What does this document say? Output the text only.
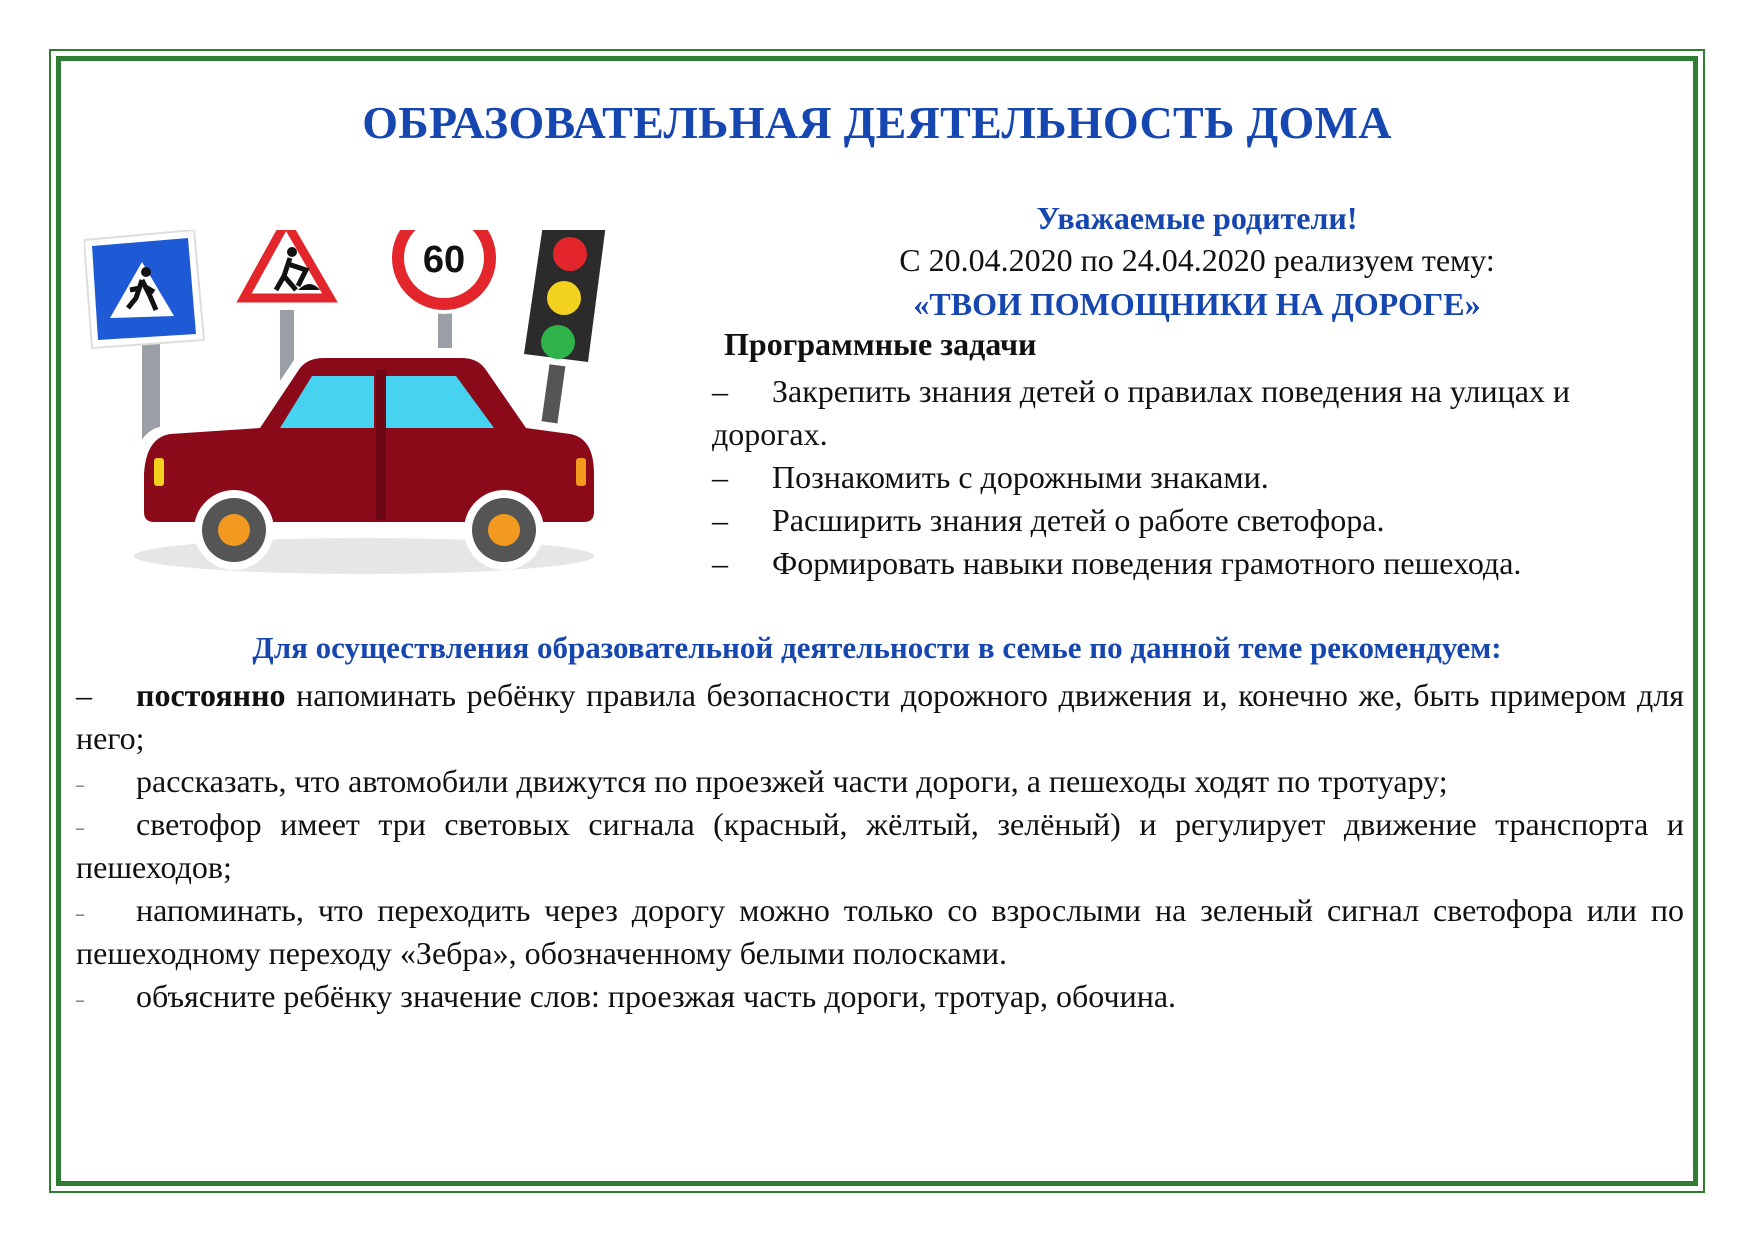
ОБРАЗОВАТЕЛЬНАЯ ДЕЯТЕЛЬНОСТЬ ДОМА
60
Уважаемые родители!
С 20.04.2020 по 24.04.2020 реализуем тему:
«ТВОИ ПОМОЩНИКИ НА ДОРОГЕ»
Программные задачи
– Закрепить знания детей о правилах поведения на улицах и дорогах.
– Познакомить с дорожными знаками.
– Расширить знания детей о работе светофора.
– Формировать навыки поведения грамотного пешехода.
Для осуществления образовательной деятельности в семье по данной теме рекомендуем:
– постоянно напоминать ребёнку правила безопасности дорожного движения и, конечно же, быть примером для него;
– рассказать, что автомобили движутся по проезжей части дороги, а пешеходы ходят по тротуару;
– светофор имеет три световых сигнала (красный, жёлтый, зелёный) и регулирует движение транспорта и пешеходов;
– напоминать, что переходить через дорогу можно только со взрослыми на зеленый сигнал светофора или по пешеходному переходу «Зебра», обозначенному белыми полосками.
– объясните ребёнку значение слов: проезжая часть дороги, тротуар, обочина.
